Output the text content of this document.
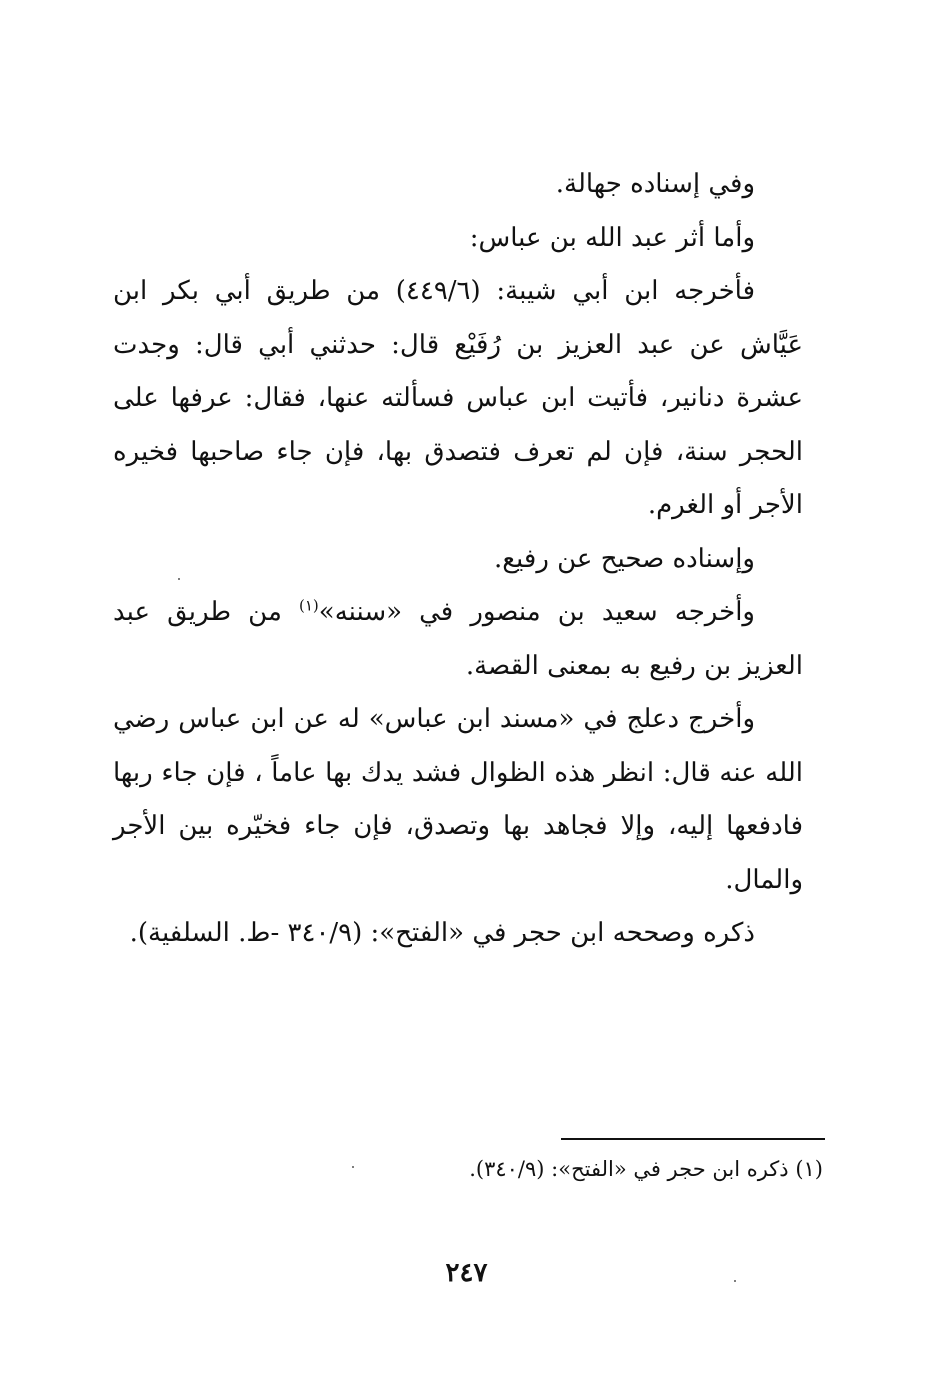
وفي إسناده جهالة.

وأما أثر عبد الله بن عباس:

فأخرجه ابن أبي شيبة: (٤٤٩/٦) من طريق أبي بكر ابن عَيَّاش عن عبد العزيز بن رُفَيْع قال: حدثني أبي قال: وجدت عشرة دنانير، فأتيت ابن عباس فسألته عنها، فقال: عرفها على الحجر سنة، فإن لم تعرف فتصدق بها، فإن جاء صاحبها فخيره الأجر أو الغرم.

وإسناده صحيح عن رفيع.

وأخرجه سعيد بن منصور في «سننه»$^{(١)}$ من طريق عبد العزيز بن رفيع به بمعنى القصة.

وأخرج دعلج في «مسند ابن عباس» له عن ابن عباس رضي الله عنه قال: انظر هذه الظوال فشد يدك بها عاماً ، فإن جاء ربها فادفعها إليه، وإلا فجاهد بها وتصدق، فإن جاء فخيّره بين الأجر والمال.

ذكره وصححه ابن حجر في «الفتح»: (٣٤٠/٩ -ط. السلفية).

(١) ذكره ابن حجر في «الفتح»: (٣٤٠/٩).

٢٤٧
